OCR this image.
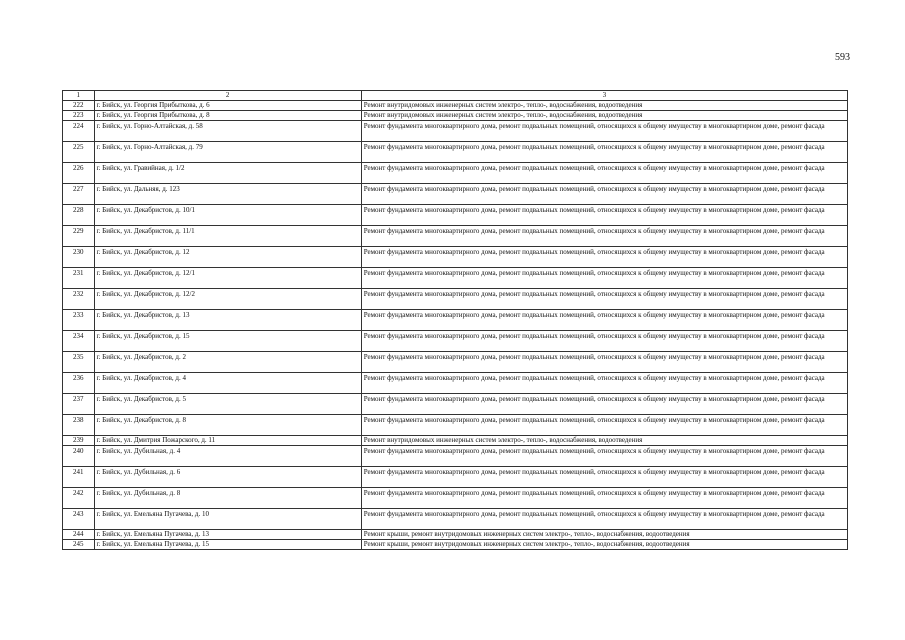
593
1	2	3
222	г. Бийск, ул. Георгия Прибыткова, д. 6	Ремонт внутридомовых инженерных систем электро-, тепло-, водоснабжения, водоотведения
223	г. Бийск, ул. Георгия Прибыткова, д. 8	Ремонт внутридомовых инженерных систем электро-, тепло-, водоснабжения, водоотведения
224	г. Бийск, ул. Горно-Алтайская, д. 58	Ремонт фундамента многоквартирного дома, ремонт подвальных помещений, относящихся к общему имуществу в многоквартирном доме, ремонт фасада
225	г. Бийск, ул. Горно-Алтайская, д. 79	Ремонт фундамента многоквартирного дома, ремонт подвальных помещений, относящихся к общему имуществу в многоквартирном доме, ремонт фасада
226	г. Бийск, ул. Гравийная, д. 1/2	Ремонт фундамента многоквартирного дома, ремонт подвальных помещений, относящихся к общему имуществу в многоквартирном доме, ремонт фасада
227	г. Бийск, ул. Дальняя, д. 123	Ремонт фундамента многоквартирного дома, ремонт подвальных помещений, относящихся к общему имуществу в многоквартирном доме, ремонт фасада
228	г. Бийск, ул. Декабристов, д. 10/1	Ремонт фундамента многоквартирного дома, ремонт подвальных помещений, относящихся к общему имуществу в многоквартирном доме, ремонт фасада
229	г. Бийск, ул. Декабристов, д. 11/1	Ремонт фундамента многоквартирного дома, ремонт подвальных помещений, относящихся к общему имуществу в многоквартирном доме, ремонт фасада
230	г. Бийск, ул. Декабристов, д. 12	Ремонт фундамента многоквартирного дома, ремонт подвальных помещений, относящихся к общему имуществу в многоквартирном доме, ремонт фасада
231	г. Бийск, ул. Декабристов, д. 12/1	Ремонт фундамента многоквартирного дома, ремонт подвальных помещений, относящихся к общему имуществу в многоквартирном доме, ремонт фасада
232	г. Бийск, ул. Декабристов, д. 12/2	Ремонт фундамента многоквартирного дома, ремонт подвальных помещений, относящихся к общему имуществу в многоквартирном доме, ремонт фасада
233	г. Бийск, ул. Декабристов, д. 13	Ремонт фундамента многоквартирного дома, ремонт подвальных помещений, относящихся к общему имуществу в многоквартирном доме, ремонт фасада
234	г. Бийск, ул. Декабристов, д. 15	Ремонт фундамента многоквартирного дома, ремонт подвальных помещений, относящихся к общему имуществу в многоквартирном доме, ремонт фасада
235	г. Бийск, ул. Декабристов, д. 2	Ремонт фундамента многоквартирного дома, ремонт подвальных помещений, относящихся к общему имуществу в многоквартирном доме, ремонт фасада
236	г. Бийск, ул. Декабристов, д. 4	Ремонт фундамента многоквартирного дома, ремонт подвальных помещений, относящихся к общему имуществу в многоквартирном доме, ремонт фасада
237	г. Бийск, ул. Декабристов, д. 5	Ремонт фундамента многоквартирного дома, ремонт подвальных помещений, относящихся к общему имуществу в многоквартирном доме, ремонт фасада
238	г. Бийск, ул. Декабристов, д. 8	Ремонт фундамента многоквартирного дома, ремонт подвальных помещений, относящихся к общему имуществу в многоквартирном доме, ремонт фасада
239	г. Бийск, ул. Дмитрия Пожарского, д. 11	Ремонт внутридомовых инженерных систем электро-, тепло-, водоснабжения, водоотведения
240	г. Бийск, ул. Дубильная, д. 4	Ремонт фундамента многоквартирного дома, ремонт подвальных помещений, относящихся к общему имуществу в многоквартирном доме, ремонт фасада
241	г. Бийск, ул. Дубильная, д. 6	Ремонт фундамента многоквартирного дома, ремонт подвальных помещений, относящихся к общему имуществу в многоквартирном доме, ремонт фасада
242	г. Бийск, ул. Дубильная, д. 8	Ремонт фундамента многоквартирного дома, ремонт подвальных помещений, относящихся к общему имуществу в многоквартирном доме, ремонт фасада
243	г. Бийск, ул. Емельяна Пугачева, д. 10	Ремонт фундамента многоквартирного дома, ремонт подвальных помещений, относящихся к общему имуществу в многоквартирном доме, ремонт фасада
244	г. Бийск, ул. Емельяна Пугачева, д. 13	Ремонт крыши, ремонт внутридомовых инженерных систем электро-, тепло-, водоснабжения, водоотведения
245	г. Бийск, ул. Емельяна Пугачева, д. 15	Ремонт крыши, ремонт внутридомовых инженерных систем электро-, тепло-, водоснабжения, водоотведения
